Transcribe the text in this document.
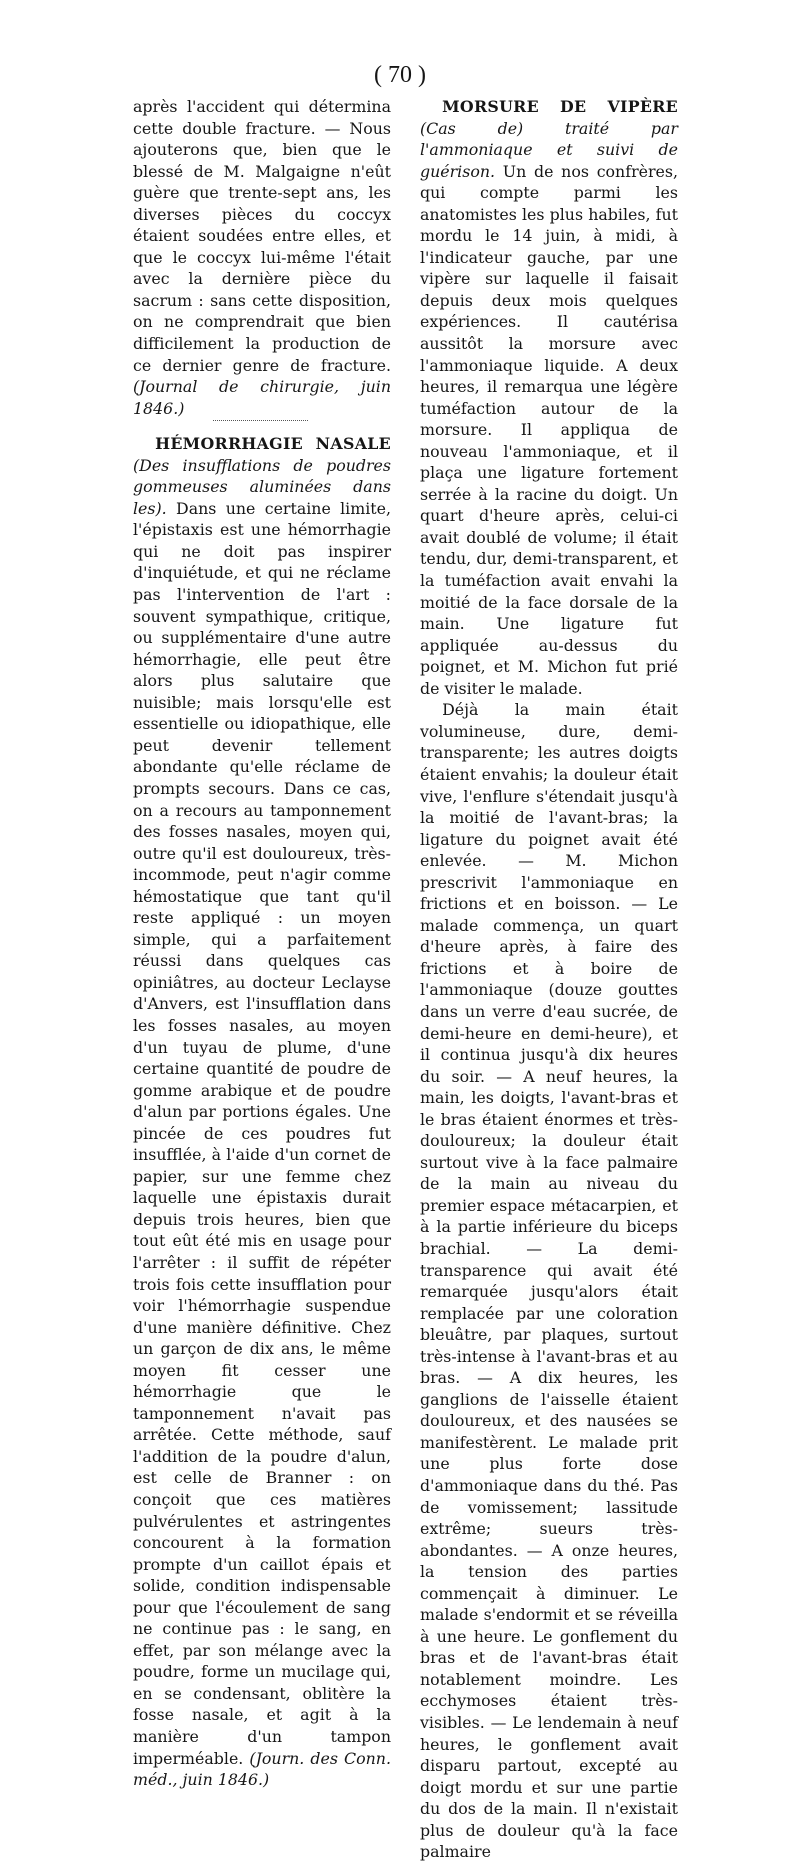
( 70 )

après l'accident qui détermina cette double fracture. — Nous ajouterons que, bien que le blessé de M. Malgaigne n'eût guère que trente-sept ans, les diverses pièces du coccyx étaient soudées entre elles, et que le coccyx lui-même l'était avec la dernière pièce du sacrum : sans cette disposition, on ne comprendrait que bien difficilement la production de ce dernier genre de fracture. (Journal de chirurgie, juin 1846.)

HÉMORRHAGIE NASALE (Des insufflations de poudres gommeuses aluminées dans les). Dans une certaine limite, l'épistaxis est une hémorrhagie qui ne doit pas inspirer d'inquiétude, et qui ne réclame pas l'intervention de l'art : souvent sympathique, critique, ou supplémentaire d'une autre hémorrhagie, elle peut être alors plus salutaire que nuisible; mais lorsqu'elle est essentielle ou idiopathique, elle peut devenir tellement abondante qu'elle réclame de prompts secours. Dans ce cas, on a recours au tamponnement des fosses nasales, moyen qui, outre qu'il est douloureux, très-incommode, peut n'agir comme hémostatique que tant qu'il reste appliqué : un moyen simple, qui a parfaitement réussi dans quelques cas opiniâtres, au docteur Leclayse d'Anvers, est l'insufflation dans les fosses nasales, au moyen d'un tuyau de plume, d'une certaine quantité de poudre de gomme arabique et de poudre d'alun par portions égales. Une pincée de ces poudres fut insufflée, à l'aide d'un cornet de papier, sur une femme chez laquelle une épistaxis durait depuis trois heures, bien que tout eût été mis en usage pour l'arrêter : il suffit de répéter trois fois cette insufflation pour voir l'hémorrhagie suspendue d'une manière définitive. Chez un garçon de dix ans, le même moyen fit cesser une hémorrhagie que le tamponnement n'avait pas arrêtée. Cette méthode, sauf l'addition de la poudre d'alun, est celle de Branner : on conçoit que ces matières pulvérulentes et astringentes concourent à la formation prompte d'un caillot épais et solide, condition indispensable pour que l'écoulement de sang ne continue pas : le sang, en effet, par son mélange avec la poudre, forme un mucilage qui, en se condensant, oblitère la fosse nasale, et agit à la manière d'un tampon imperméable. (Journ. des Conn. méd., juin 1846.)

MORSURE DE VIPÈRE (Cas de) traité par l'ammoniaque et suivi de guérison. Un de nos confrères, qui compte parmi les anatomistes les plus habiles, fut mordu le 14 juin, à midi, à l'indicateur gauche, par une vipère sur laquelle il faisait depuis deux mois quelques expériences. Il cautérisa aussitôt la morsure avec l'ammoniaque liquide. A deux heures, il remarqua une légère tuméfaction autour de la morsure. Il appliqua de nouveau l'ammoniaque, et il plaça une ligature fortement serrée à la racine du doigt. Un quart d'heure après, celui-ci avait doublé de volume; il était tendu, dur, demi-transparent, et la tuméfaction avait envahi la moitié de la face dorsale de la main. Une ligature fut appliquée au-dessus du poignet, et M. Michon fut prié de visiter le malade.

Déjà la main était volumineuse, dure, demi-transparente; les autres doigts étaient envahis; la douleur était vive, l'enflure s'étendait jusqu'à la moitié de l'avant-bras; la ligature du poignet avait été enlevée. — M. Michon prescrivit l'ammoniaque en frictions et en boisson. — Le malade commença, un quart d'heure après, à faire des frictions et à boire de l'ammoniaque (douze gouttes dans un verre d'eau sucrée, de demi-heure en demi-heure), et il continua jusqu'à dix heures du soir. — A neuf heures, la main, les doigts, l'avant-bras et le bras étaient énormes et très-douloureux; la douleur était surtout vive à la face palmaire de la main au niveau du premier espace métacarpien, et à la partie inférieure du biceps brachial. — La demi-transparence qui avait été remarquée jusqu'alors était remplacée par une coloration bleuâtre, par plaques, surtout très-intense à l'avant-bras et au bras. — A dix heures, les ganglions de l'aisselle étaient douloureux, et des nausées se manifestèrent. Le malade prit une plus forte dose d'ammoniaque dans du thé. Pas de vomissement; lassitude extrême; sueurs très-abondantes. — A onze heures, la tension des parties commençait à diminuer. Le malade s'endormit et se réveilla à une heure. Le gonflement du bras et de l'avant-bras était notablement moindre. Les ecchymoses étaient très-visibles. — Le lendemain à neuf heures, le gonflement avait disparu partout, excepté au doigt mordu et sur une partie du dos de la main. Il n'existait plus de douleur qu'à la face palmaire
